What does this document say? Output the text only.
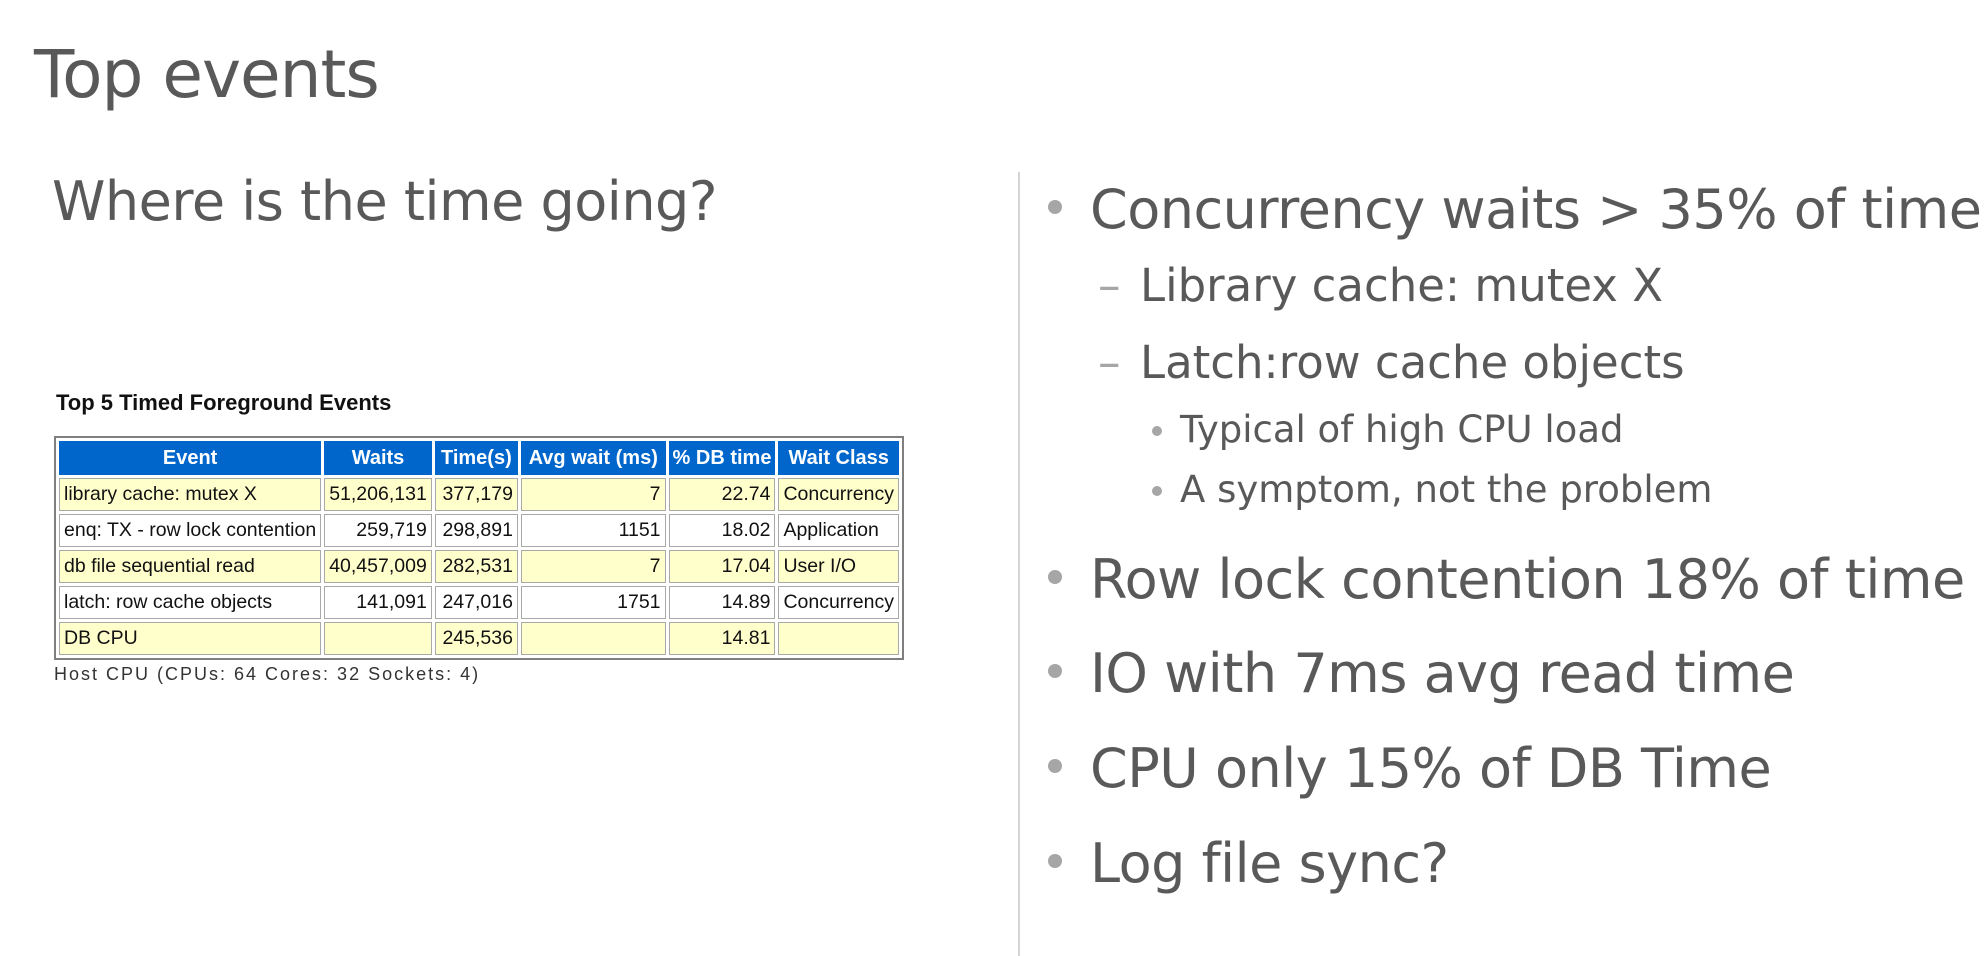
Top events
Where is the time going?
Top 5 Timed Foreground Events
Event	Waits	Time(s)	Avg wait (ms)	% DB time	Wait Class
library cache: mutex X	51,206,131	377,179	7	22.74	Concurrency
enq: TX - row lock contention	259,719	298,891	1151	18.02	Application
db file sequential read	40,457,009	282,531	7	17.04	User I/O
latch: row cache objects	141,091	247,016	1751	14.89	Concurrency
DB CPU		245,536		14.81	
Host CPU (CPUs: 64 Cores: 32 Sockets: 4)
Concurrency waits > 35% of time
– Library cache: mutex X
– Latch:row cache objects
Typical of high CPU load
A symptom, not the problem
Row lock contention 18% of time
IO with 7ms avg read time
CPU only 15% of DB Time
Log file sync?
